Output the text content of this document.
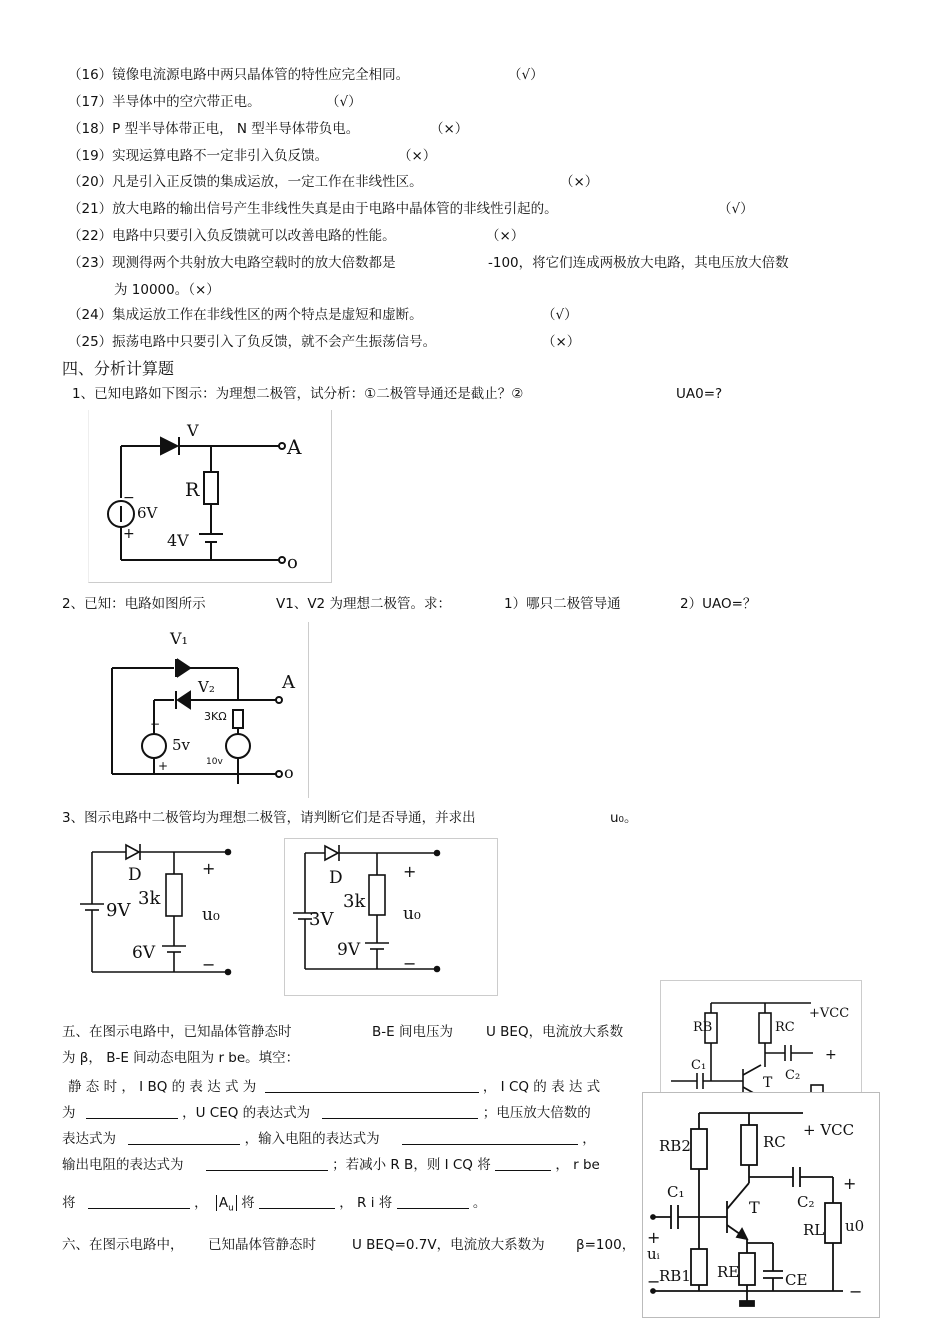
（16）镜像电流源电路中两只晶体管的特性应完全相同。	（√）
（17）半导体中的空穴带正电。	（√）
（18）P 型半导体带正电， N 型半导体带负电。	（×）
（19）实现运算电路不一定非引入负反馈。	（×）
（20）凡是引入正反馈的集成运放，一定工作在非线性区。	（×）
（21）放大电路的输出信号产生非线性失真是由于电路中晶体管的非线性引起的。	（√）
（22）电路中只要引入负反馈就可以改善电路的性能。	（×）
（23）现测得两个共射放大电路空载时的放大倍数都是	-100，将它们连成两极放大电路，其电压放大倍数
为 10000。（×）
（24）集成运放工作在非线性区的两个特点是虚短和虚断。	（√）
（25）振荡电路中只要引入了负反馈，就不会产生振荡信号。	（×）
四、分析计算题
1、已知电路如下图示：为理想二极管，试分析：①二极管导通还是截止？②	UA0=?
V
A
R
6V
4V
o
−
+
2、已知：电路如图所示	V1、V2 为理想二极管。求：	1）哪只二极管导通	2）UAO=？
V₁
V₂	A
3KΩ
5v
10v
o
−
+
3、图示电路中二极管均为理想二极管，请判断它们是否导通，并求出	u₀。
D
3k
9V
6V
u₀
+
−
D
3k
3V
9V
u₀
+
−
五、在图示电路中，已知晶体管静态时	B-E 间电压为 U BEQ，电流放大系数
为 β， B-E 间动态电阻为 r be。填空：
静 态 时 ， I BQ 的 表 达 式 为	， I CQ 的 表 达 式
为	，U CEQ 的表达式为	；电压放大倍数的
表达式为	，输入电阻的表达式为	，
输出电阻的表达式为	；若减小 R B，则 I CQ 将	， r be
将	， $A_u$ 将	， R i 将	。
六、在图示电路中， 已知晶体管静态时	U BEQ=0.7V，电流放大系数为 β=100，
RB	RC
+VCC
C₁
C₂
T
+
RB2	RC
+ VCC
C₁
C₂
T
+
+
uᵢ
RB1 RE	CE
RL u0
−
−
